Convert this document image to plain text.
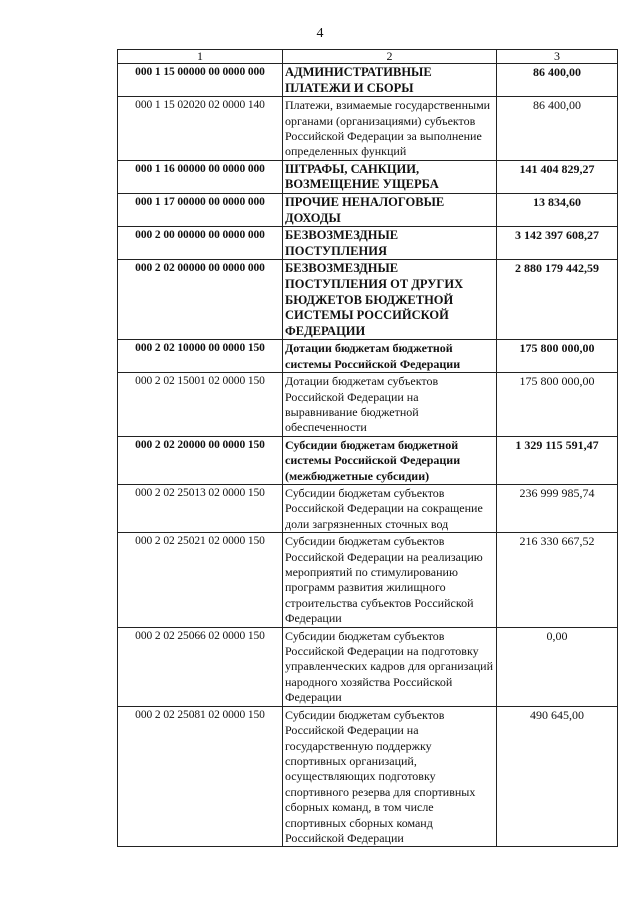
4
1	2	3
000 1 15 00000 00 0000 000	АДМИНИСТРАТИВНЫЕ ПЛАТЕЖИ И СБОРЫ	86 400,00
000 1 15 02020 02 0000 140	Платежи, взимаемые государственными органами (организациями) субъектов Российской Федерации за выполнение определенных функций	86 400,00
000 1 16 00000 00 0000 000	ШТРАФЫ, САНКЦИИ, ВОЗМЕЩЕНИЕ УЩЕРБА	141 404 829,27
000 1 17 00000 00 0000 000	ПРОЧИЕ НЕНАЛОГОВЫЕ ДОХОДЫ	13 834,60
000 2 00 00000 00 0000 000	БЕЗВОЗМЕЗДНЫЕ ПОСТУПЛЕНИЯ	3 142 397 608,27
000 2 02 00000 00 0000 000	БЕЗВОЗМЕЗДНЫЕ ПОСТУПЛЕНИЯ ОТ ДРУГИХ БЮДЖЕТОВ БЮДЖЕТНОЙ СИСТЕМЫ РОССИЙСКОЙ ФЕДЕРАЦИИ	2 880 179 442,59
000 2 02 10000 00 0000 150	Дотации бюджетам бюджетной системы Российской Федерации	175 800 000,00
000 2 02 15001 02 0000 150	Дотации бюджетам субъектов Российской Федерации на выравнивание бюджетной обеспеченности	175 800 000,00
000 2 02 20000 00 0000 150	Субсидии бюджетам бюджетной системы Российской Федерации (межбюджетные субсидии)	1 329 115 591,47
000 2 02 25013 02 0000 150	Субсидии бюджетам субъектов Российской Федерации на сокращение доли загрязненных сточных вод	236 999 985,74
000 2 02 25021 02 0000 150	Субсидии бюджетам субъектов Российской Федерации на реализацию мероприятий по стимулированию программ развития жилищного строительства субъектов Российской Федерации	216 330 667,52
000 2 02 25066 02 0000 150	Субсидии бюджетам субъектов Российской Федерации на подготовку управленческих кадров для организаций народного хозяйства Российской Федерации	0,00
000 2 02 25081 02 0000 150	Субсидии бюджетам субъектов Российской Федерации на государственную поддержку спортивных организаций, осуществляющих подготовку спортивного резерва для спортивных сборных команд, в том числе спортивных сборных команд Российской Федерации	490 645,00
